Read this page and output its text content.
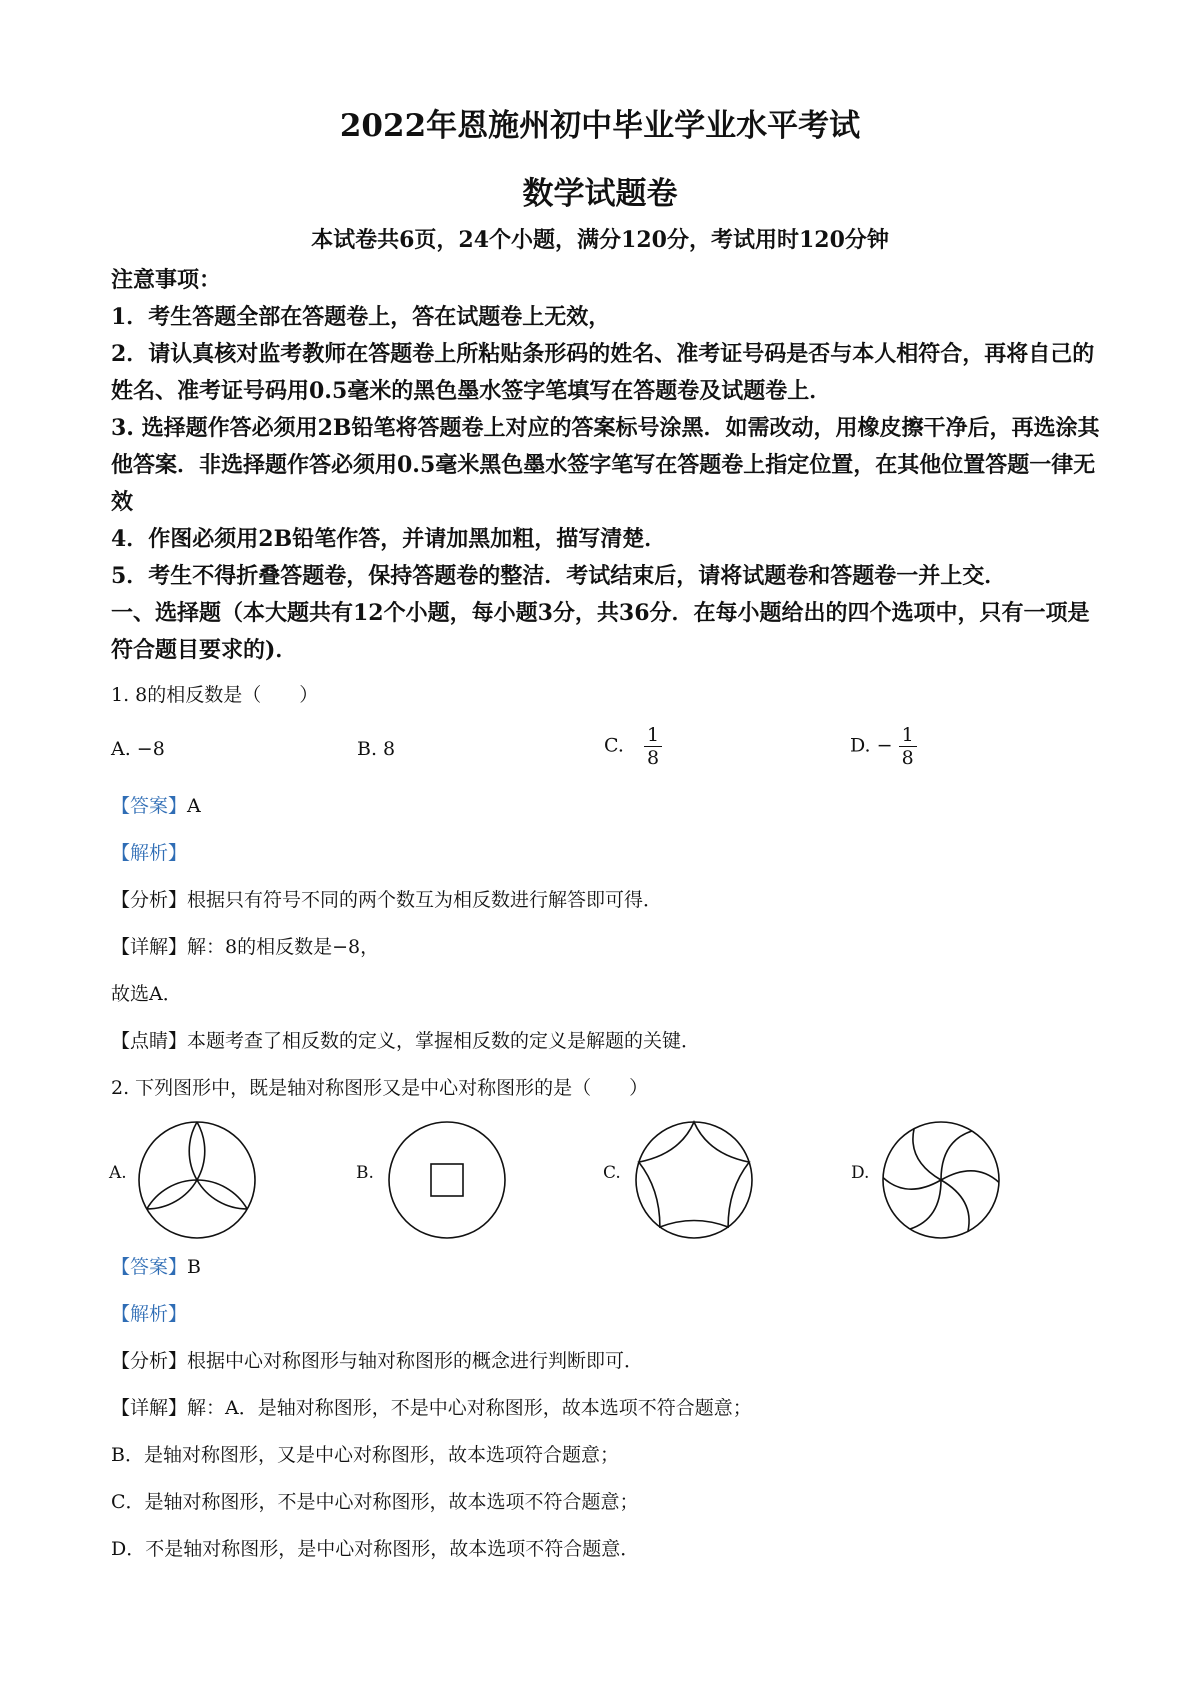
2022年恩施州初中毕业学业水平考试
数学试题卷
本试卷共6页，24个小题，满分120分，考试用时120分钟

注意事项：

1．考生答题全部在答题卷上，答在试题卷上无效，

2．请认真核对监考教师在答题卷上所粘贴条形码的姓名、准考证号码是否与本人相符合，再将自己的姓名、准考证号码用0.5毫米的黑色墨水签字笔填写在答题卷及试题卷上．

3. 选择题作答必须用2B铅笔将答题卷上对应的答案标号涂黑．如需改动，用橡皮擦干净后，再选涂其他答案．非选择题作答必须用0.5毫米黑色墨水签字笔写在答题卷上指定位置，在其他位置答题一律无效

4．作图必须用2B铅笔作答，并请加黑加粗，描写清楚．

5．考生不得折叠答题卷，保持答题卷的整洁．考试结束后，请将试题卷和答题卷一并上交．

一、选择题（本大题共有12个小题，每小题3分，共36分．在每小题给出的四个选项中，只有一项是符合题目要求的)．

1. 8的相反数是（　　）
A. −8	B. 8	C. $\frac{1}{8}$	D. − $\frac{1}{8}$
【答案】A
【解析】
【分析】根据只有符号不同的两个数互为相反数进行解答即可得．
【详解】解：8的相反数是−8，
故选A．
【点睛】本题考查了相反数的定义，掌握相反数的定义是解题的关键．
2. 下列图形中，既是轴对称图形又是中心对称图形的是（　　）
A.	B.	C.	D.
【答案】B
【解析】
【分析】根据中心对称图形与轴对称图形的概念进行判断即可．
【详解】解：A．是轴对称图形，不是中心对称图形，故本选项不符合题意；
B．是轴对称图形，又是中心对称图形，故本选项符合题意；
C．是轴对称图形，不是中心对称图形，故本选项不符合题意；
D．不是轴对称图形，是中心对称图形，故本选项不符合题意．
